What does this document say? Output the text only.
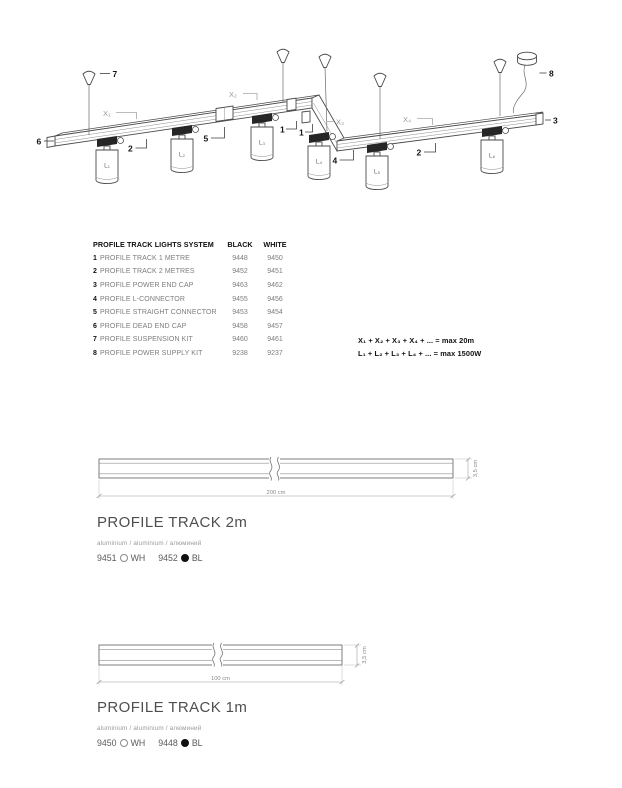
L₁
L₂
L₃
L₄
L₅
L₆
6
7
2
5
1 1
4
2
3
8
X₁
X₂
X₃	X₄
PROFILE TRACK LIGHTS SYSTEM	BLACK	WHITE
1 PROFILE TRACK 1 METRE	9448	9450
2 PROFILE TRACK 2 METRES	9452	9451
3 PROFILE POWER END CAP	9463	9462
4 PROFILE L-CONNECTOR	9455	9456
5 PROFILE STRAIGHT CONNECTOR	9453	9454
6 PROFILE DEAD END CAP	9458	9457
7 PROFILE SUSPENSION KIT	9460	9461
8 PROFILE POWER SUPPLY KIT	9238	9237
X₁ + X₂ + X₃ + X₄ + ... = max 20m
L₁ + L₂ + L₃ + L₄ + ... = max 1500W
200 cm
3,5 cm
PROFILE TRACK 2m
aluminium / aluminium / алюминий
9451 WH 9452 BL
100 cm
3,5 cm
PROFILE TRACK 1m
aluminium / aluminium / алюминий
9450 WH 9448 BL
